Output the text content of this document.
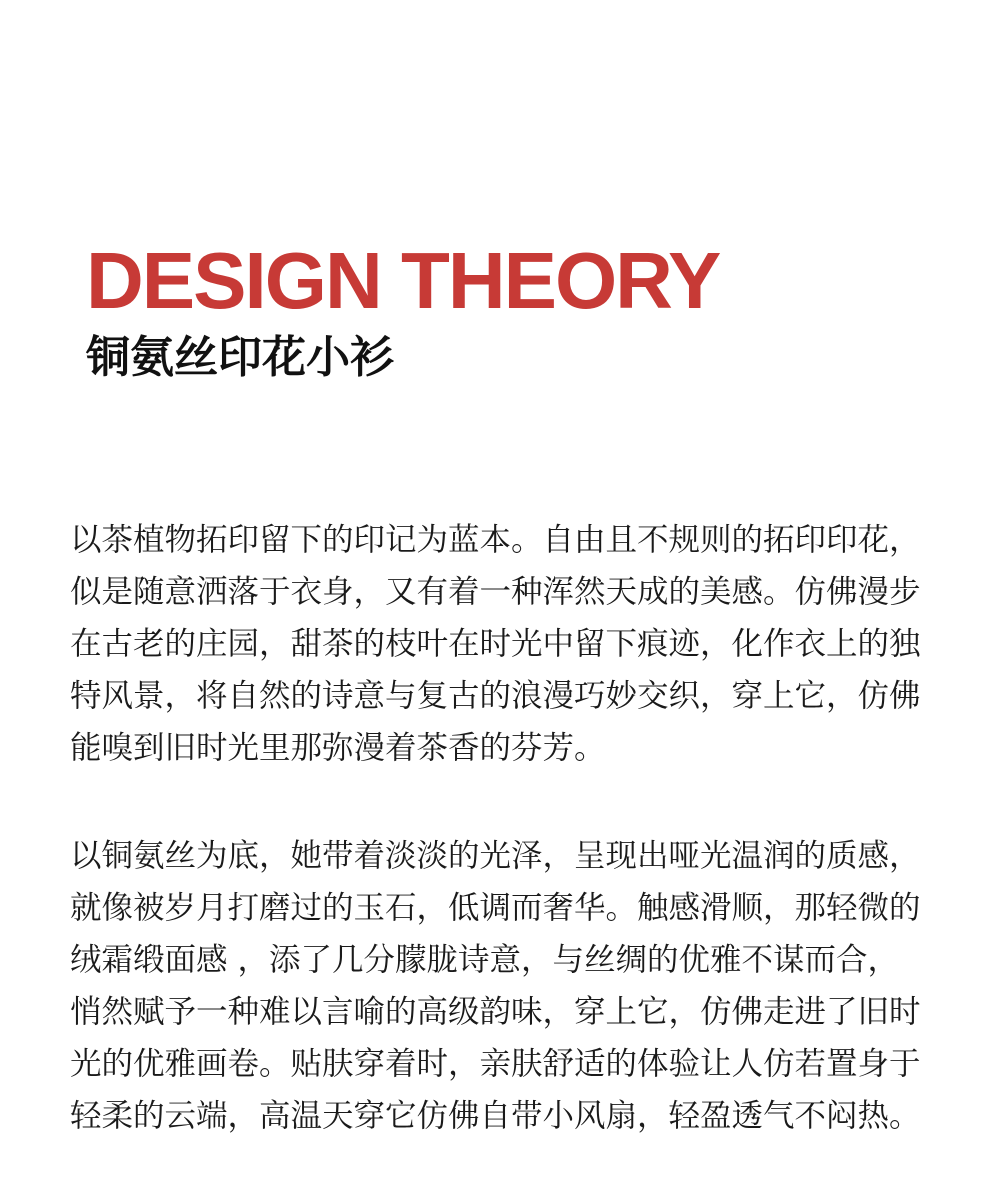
DESIGN THEORY
铜氨丝印花小衫

以茶植物拓印留下的印记为蓝本。自由且不规则的拓印印花，似是随意洒落于衣身，又有着一种浑然天成的美感。仿佛漫步在古老的庄园，甜茶的枝叶在时光中留下痕迹，化作衣上的独特风景，将自然的诗意与复古的浪漫巧妙交织，穿上它，仿佛能嗅到旧时光里那弥漫着茶香的芬芳。

以铜氨丝为底，她带着淡淡的光泽，呈现出哑光温润的质感，就像被岁月打磨过的玉石，低调而奢华。触感滑顺，那轻微的绒霜缎面感 ，添了几分朦胧诗意，与丝绸的优雅不谋而合，悄然赋予一种难以言喻的高级韵味，穿上它，仿佛走进了旧时光的优雅画卷。贴肤穿着时，亲肤舒适的体验让人仿若置身于轻柔的云端，高温天穿它仿佛自带小风扇，轻盈透气不闷热。
